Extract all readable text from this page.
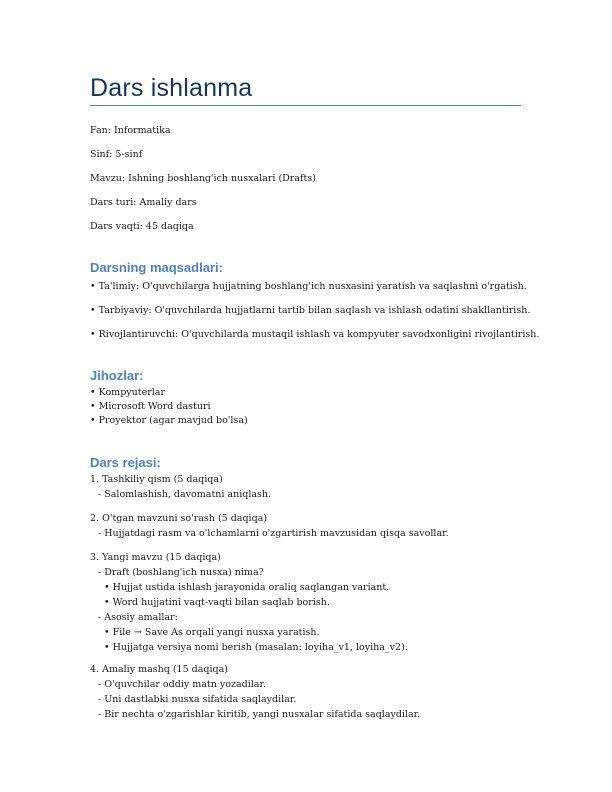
Dars ishlanma
Fan: Informatika
Sinf: 5-sinf
Mavzu: Ishning boshlang'ich nusxalari (Drafts)
Dars turi: Amaliy dars
Dars vaqti: 45 daqiqa
Darsning maqsadlari:
• Ta'limiy: O'quvchilarga hujjatning boshlang'ich nusxasini yaratish va saqlashni o'rgatish.
• Tarbiyaviy: O'quvchilarda hujjatlarni tartib bilan saqlash va ishlash odatini shakllantirish.
• Rivojlantiruvchi: O'quvchilarda mustaqil ishlash va kompyuter savodxonligini rivojlantirish.
Jihozlar:
• Kompyuterlar
• Microsoft Word dasturi
• Proyektor (agar mavjud bo'lsa)
Dars rejasi:
1. Tashkiliy qism (5 daqiqa)
- Salomlashish, davomatni aniqlash.
2. O'tgan mavzuni so'rash (5 daqiqa)
- Hujjatdagi rasm va o'lchamlarni o'zgartirish mavzusidan qisqa savollar.
3. Yangi mavzu (15 daqiqa)
- Draft (boshlang'ich nusxa) nima?
• Hujjat ustida ishlash jarayonida oraliq saqlangan variant.
• Word hujjatini vaqt-vaqti bilan saqlab borish.
- Asosiy amallar:
• File → Save As orqali yangi nusxa yaratish.
• Hujjatga versiya nomi berish (masalan: loyiha_v1, loyiha_v2).
4. Amaliy mashq (15 daqiqa)
- O'quvchilar oddiy matn yozadilar.
- Uni dastlabki nusxa sifatida saqlaydilar.
- Bir nechta o'zgarishlar kiritib, yangi nusxalar sifatida saqlaydilar.
